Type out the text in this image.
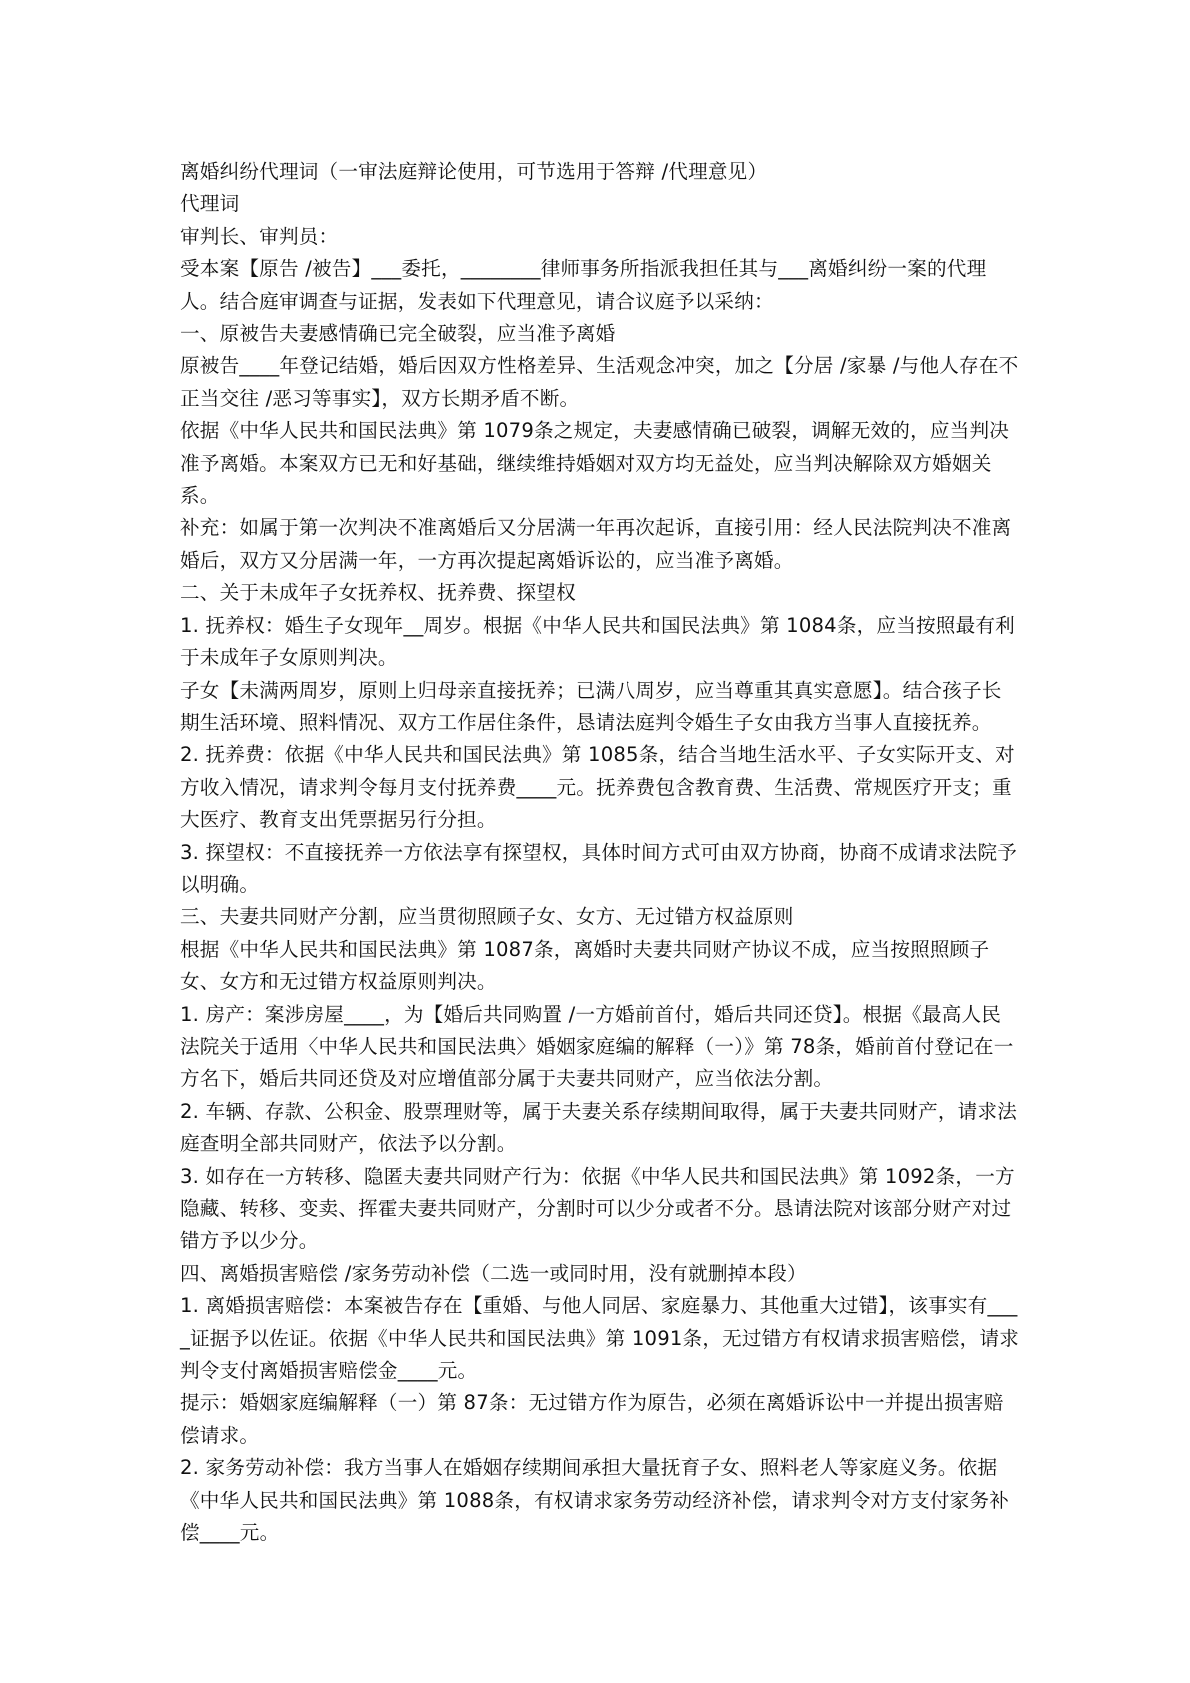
离婚纠纷代理词（一审法庭辩论使用，可节选用于答辩 /代理意见）

代理词

审判长、审判员：

受本案【原告 /被告】___委托，________律师事务所指派我担任其与___离婚纠纷一案的代理人。结合庭审调查与证据，发表如下代理意见，请合议庭予以采纳：

一、原被告夫妻感情确已完全破裂，应当准予离婚

原被告____年登记结婚，婚后因双方性格差异、生活观念冲突，加之【分居 /家暴 /与他人存在不正当交往 /恶习等事实】，双方长期矛盾不断。

依据《中华人民共和国民法典》第 1079条之规定，夫妻感情确已破裂，调解无效的，应当判决准予离婚。本案双方已无和好基础，继续维持婚姻对双方均无益处，应当判决解除双方婚姻关系。

补充：如属于第一次判决不准离婚后又分居满一年再次起诉，直接引用：经人民法院判决不准离婚后，双方又分居满一年，一方再次提起离婚诉讼的，应当准予离婚。

二、关于未成年子女抚养权、抚养费、探望权

1. 抚养权：婚生子女现年__周岁。根据《中华人民共和国民法典》第 1084条，应当按照最有利于未成年子女原则判决。

子女【未满两周岁，原则上归母亲直接抚养；已满八周岁，应当尊重其真实意愿】。结合孩子长期生活环境、照料情况、双方工作居住条件，恳请法庭判令婚生子女由我方当事人直接抚养。

2. 抚养费：依据《中华人民共和国民法典》第 1085条，结合当地生活水平、子女实际开支、对方收入情况，请求判令每月支付抚养费____元。抚养费包含教育费、生活费、常规医疗开支；重大医疗、教育支出凭票据另行分担。

3. 探望权：不直接抚养一方依法享有探望权，具体时间方式可由双方协商，协商不成请求法院予以明确。

三、夫妻共同财产分割，应当贯彻照顾子女、女方、无过错方权益原则

根据《中华人民共和国民法典》第 1087条，离婚时夫妻共同财产协议不成，应当按照照顾子女、女方和无过错方权益原则判决。

1. 房产：案涉房屋____，为【婚后共同购置 /一方婚前首付，婚后共同还贷】。根据《最高人民法院关于适用〈中华人民共和国民法典〉婚姻家庭编的解释（一）》第 78条，婚前首付登记在一方名下，婚后共同还贷及对应增值部分属于夫妻共同财产，应当依法分割。

2. 车辆、存款、公积金、股票理财等，属于夫妻关系存续期间取得，属于夫妻共同财产，请求法庭查明全部共同财产，依法予以分割。

3. 如存在一方转移、隐匿夫妻共同财产行为：依据《中华人民共和国民法典》第 1092条，一方隐藏、转移、变卖、挥霍夫妻共同财产，分割时可以少分或者不分。恳请法院对该部分财产对过错方予以少分。

四、离婚损害赔偿 /家务劳动补偿（二选一或同时用，没有就删掉本段）

1. 离婚损害赔偿：本案被告存在【重婚、与他人同居、家庭暴力、其他重大过错】，该事实有____证据予以佐证。依据《中华人民共和国民法典》第 1091条，无过错方有权请求损害赔偿，请求判令支付离婚损害赔偿金____元。

提示：婚姻家庭编解释（一）第 87条：无过错方作为原告，必须在离婚诉讼中一并提出损害赔偿请求。

2. 家务劳动补偿：我方当事人在婚姻存续期间承担大量抚育子女、照料老人等家庭义务。依据《中华人民共和国民法典》第 1088条，有权请求家务劳动经济补偿，请求判令对方支付家务补偿____元。
